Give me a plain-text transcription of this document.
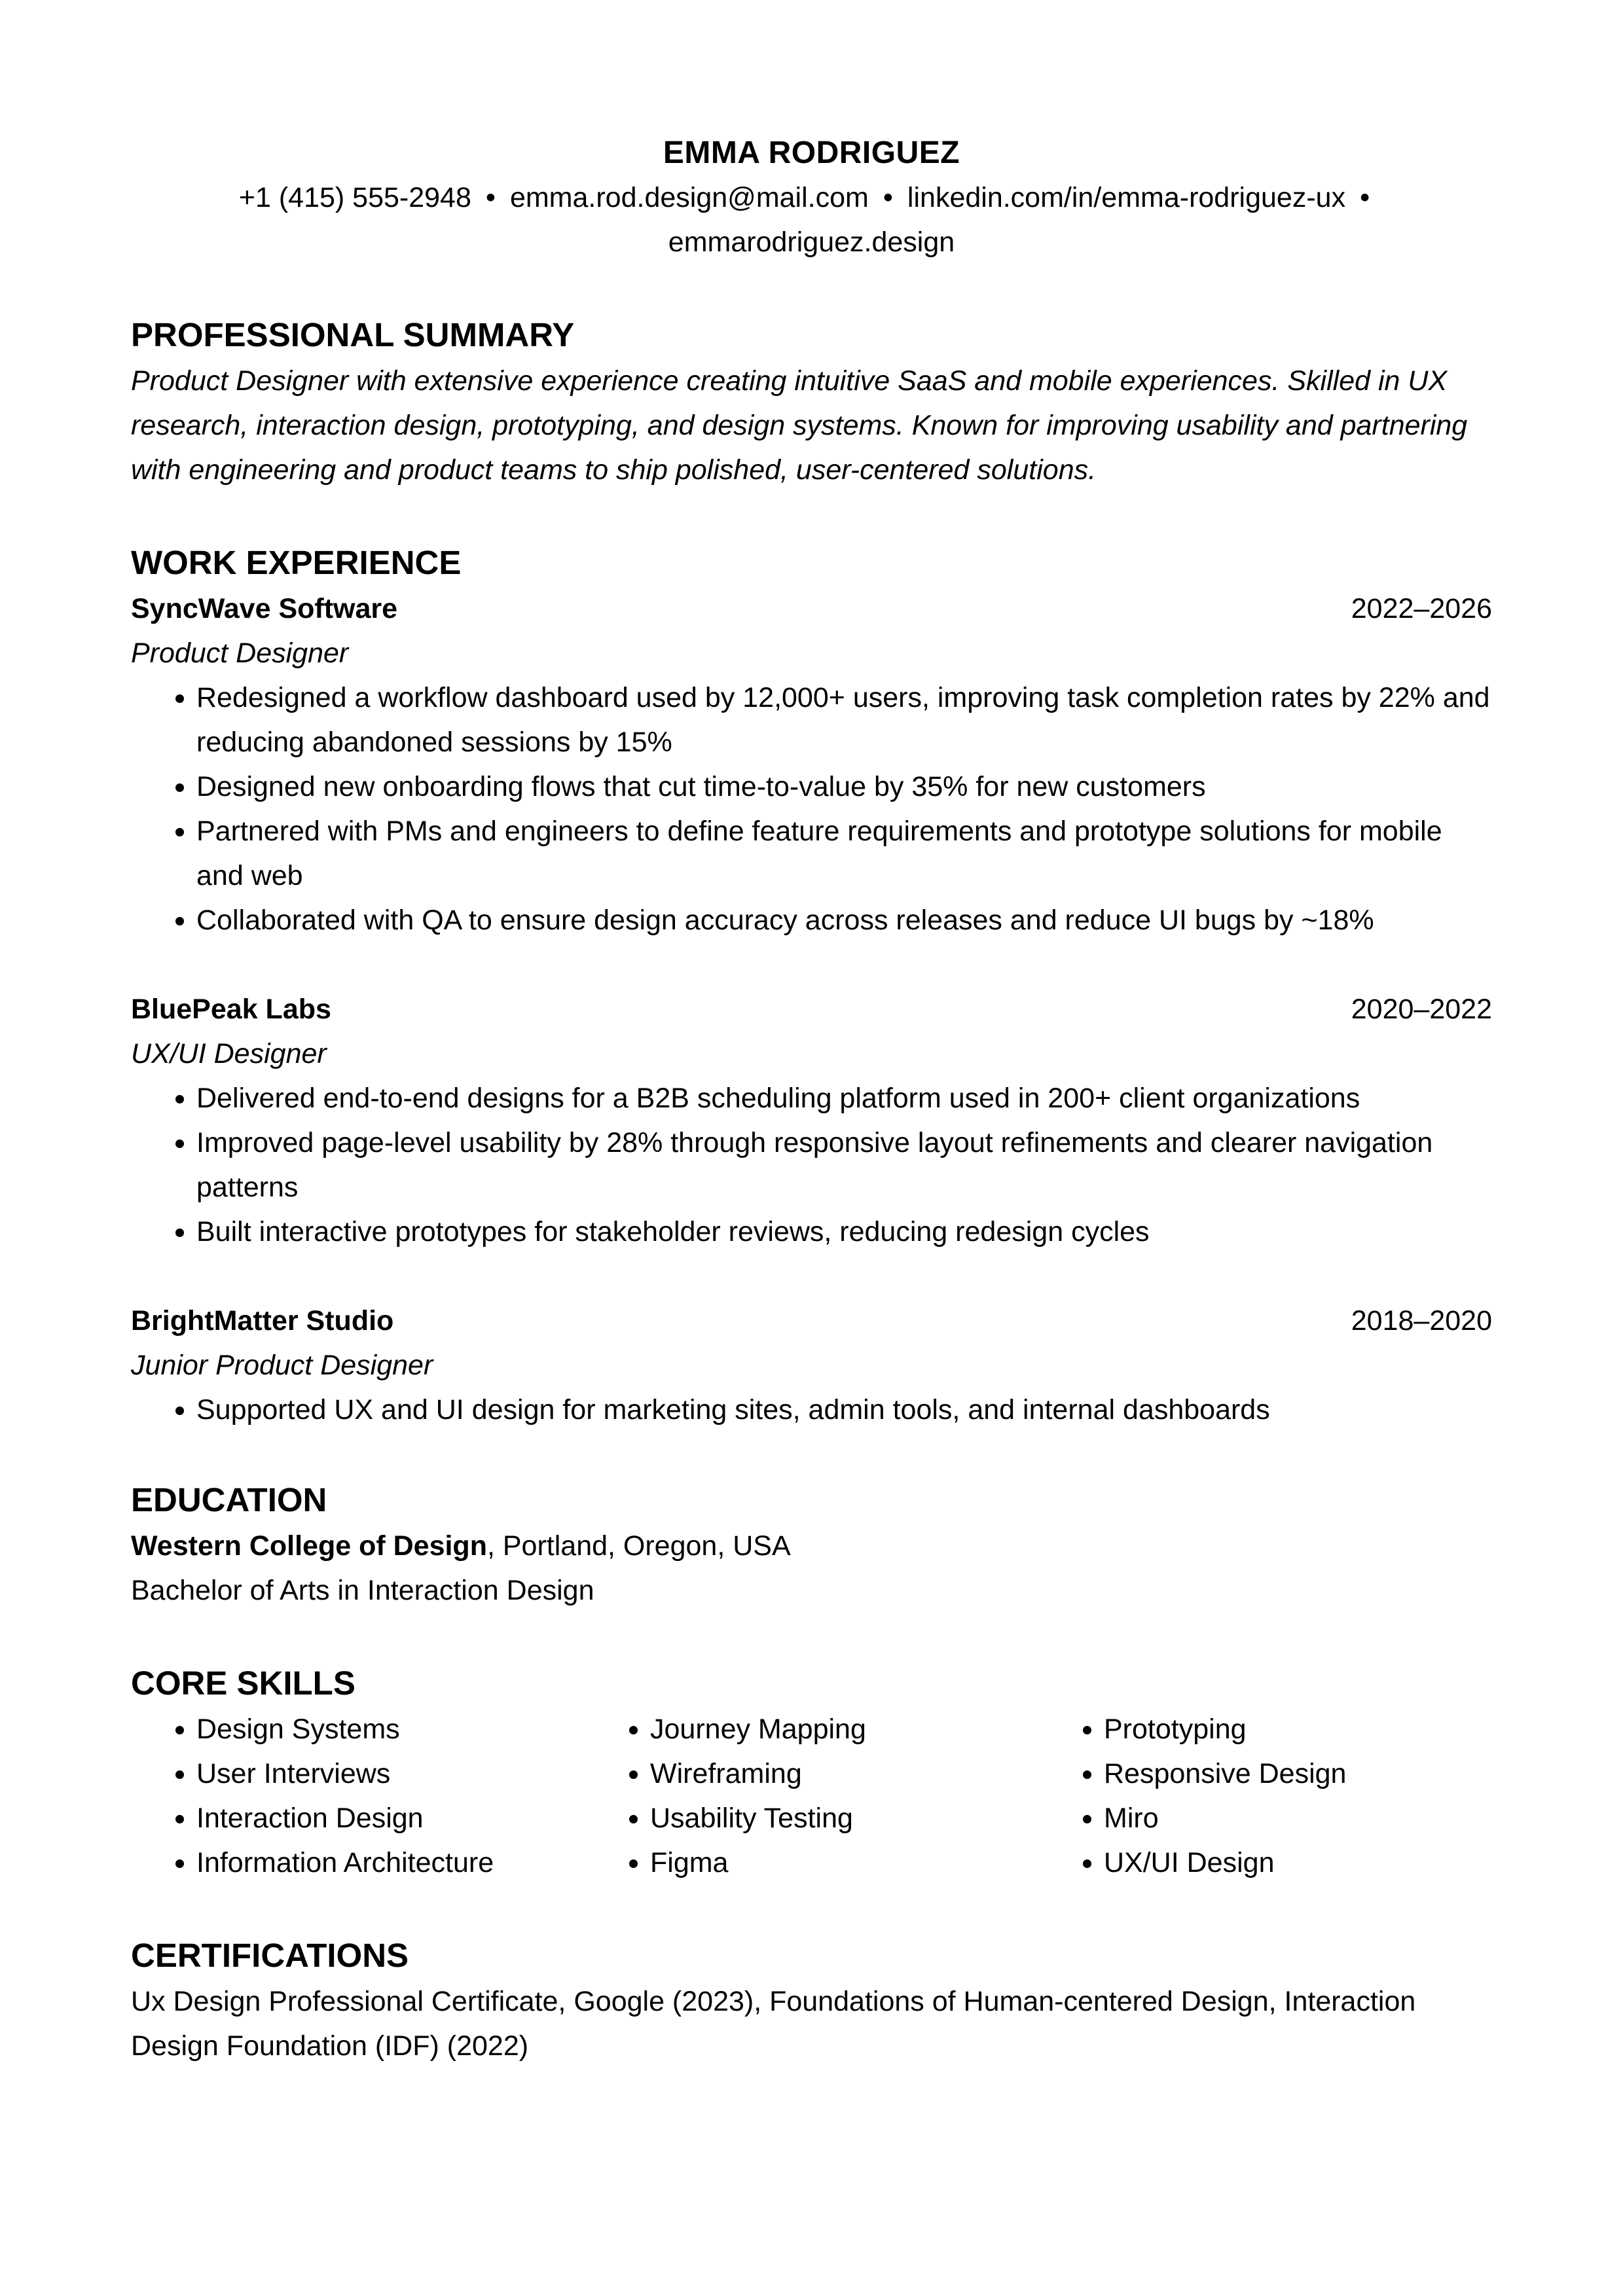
EMMA RODRIGUEZ
+1 (415) 555-2948 • emma.rod.design@mail.com • linkedin.com/in/emma-rodriguez-ux •
emmarodriguez.design
PROFESSIONAL SUMMARY
Product Designer with extensive experience creating intuitive SaaS and mobile experiences. Skilled in UX research, interaction design, prototyping, and design systems. Known for improving usability and partnering with engineering and product teams to ship polished, user-centered solutions.
WORK EXPERIENCE
SyncWave Software	2022–2026
Product Designer
• Redesigned a workflow dashboard used by 12,000+ users, improving task completion rates by 22% and reducing abandoned sessions by 15%
• Designed new onboarding flows that cut time-to-value by 35% for new customers
• Partnered with PMs and engineers to define feature requirements and prototype solutions for mobile and web
• Collaborated with QA to ensure design accuracy across releases and reduce UI bugs by ~18%
BluePeak Labs	2020–2022
UX/UI Designer
• Delivered end-to-end designs for a B2B scheduling platform used in 200+ client organizations
• Improved page-level usability by 28% through responsive layout refinements and clearer navigation patterns
• Built interactive prototypes for stakeholder reviews, reducing redesign cycles
BrightMatter Studio	2018–2020
Junior Product Designer
• Supported UX and UI design for marketing sites, admin tools, and internal dashboards
EDUCATION
Western College of Design, Portland, Oregon, USA
Bachelor of Arts in Interaction Design
CORE SKILLS
• Design Systems
• User Interviews
• Interaction Design
• Information Architecture
• Journey Mapping
• Wireframing
• Usability Testing
• Figma
• Prototyping
• Responsive Design
• Miro
• UX/UI Design
CERTIFICATIONS
Ux Design Professional Certificate, Google (2023), Foundations of Human-centered Design, Interaction Design Foundation (IDF) (2022)
